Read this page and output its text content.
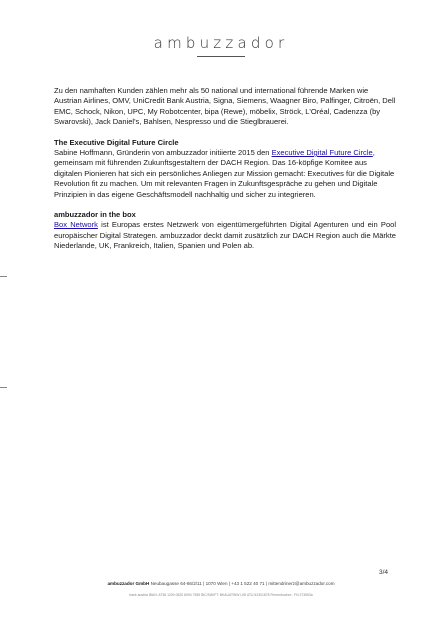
ambuzzador

Zu den namhaften Kunden zählen mehr als 50 national und international führende Marken wie Austrian Airlines, OMV, UniCredit Bank Austria, Signa, Siemens, Waagner Biro, Palfinger, Citroën, Dell EMC, Schock, Nikon, UPC, My Robotcenter, bipa (Rewe), möbelix, Ströck, L'Oréal, Cadenzza (by Swarovski), Jack Daniel's, Bahlsen, Nespresso und die Stieglbrauerei.

The Executive Digital Future Circle

Sabine Hoffmann, Gründerin von ambuzzador initiierte 2015 den Executive Digital Future Circle, gemeinsam mit führenden Zukunftsgestaltern der DACH Region. Das 16-köpfige Komitee aus digitalen Pionieren hat sich ein persönliches Anliegen zur Mission gemacht: Executives für die Digitale Revolution fit zu machen. Um mit relevanten Fragen in Zukunftsgespräche zu gehen und Digitale Prinzipien in das eigene Geschäftsmodell nachhaltig und sicher zu integrieren.

ambuzzador in the box

Box Network ist Europas erstes Netzwerk von eigentümergeführten Digital Agenturen und ein Pool europäischer Digital Strategen. ambuzzador deckt damit zusätzlich zur DACH Region auch die Märkte Niederlande, UK, Frankreich, Italien, Spanien und Polen ab.

3/4
ambuzzador GmbH Neubaugasse 64-66/2/11 | 1070 Wien | +43 1 522 40 71 | mittendrinerz@ambuzzador.com
bank austria IBAN: AT36 1200 0520 8094 7555 BIC/SWIFT: BKAUATWW UID ATU 62301878 Firmenbuchnr.: FN 273553a
